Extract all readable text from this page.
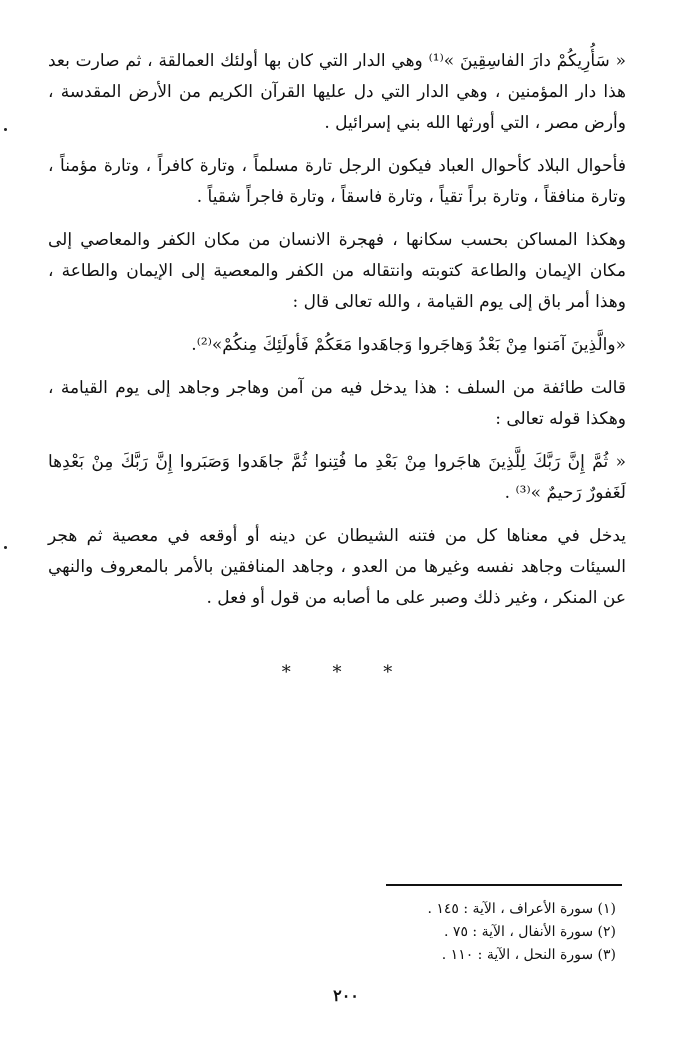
« سَأُرِيكُمْ دارَ الفاسِقِينَ »⁽¹⁾ وهي الدار التي كان بها أولئك العمالقة ، ثم صارت بعد هذا دار المؤمنين ، وهي الدار التي دل عليها القرآن الكريم من الأرض المقدسة ، وأرض مصر ، التي أورثها الله بني إسرائيل .

فأحوال البلاد كأحوال العباد فيكون الرجل تارة مسلماً ، وتارة كافراً ، وتارة مؤمناً ، وتارة منافقاً ، وتارة براً تقياً ، وتارة فاسقاً ، وتارة فاجراً شقياً .

وهكذا المساكن بحسب سكانها ، فهجرة الانسان من مكان الكفر والمعاصي إلى مكان الإيمان والطاعة كتوبته وانتقاله من الكفر والمعصية إلى الإيمان والطاعة ، وهذا أمر باق إلى يوم القيامة ، والله تعالى قال :

«والَّذِينَ آمَنوا مِنْ بَعْدُ وَهاجَروا وَجاهَدوا مَعَكُمْ فَأولَئِكَ مِنكُمْ»⁽²⁾.

قالت طائفة من السلف : هذا يدخل فيه من آمن وهاجر وجاهد إلى يوم القيامة ، وهكذا قوله تعالى :

« ثُمَّ إِنَّ رَبَّكَ لِلَّذِينَ هاجَروا مِنْ بَعْدِ ما فُتِنوا ثُمَّ جاهَدوا وَصَبَروا إِنَّ رَبَّكَ مِنْ بَعْدِها لَغَفورٌ رَحيمٌ »⁽³⁾ .

يدخل في معناها كل من فتنه الشيطان عن دينه أو أوقعه في معصية ثم هجر السيئات وجاهد نفسه وغيرها من العدو ، وجاهد المنافقين بالأمر بالمعروف والنهي عن المنكر ، وغير ذلك وصبر على ما أصابه من قول أو فعل .

* * *
(١) سورة الأعراف ، الآية : ١٤٥ .
(٢) سورة الأنفال ، الآية : ٧٥ .
(٣) سورة النحل ، الآية : ١١٠ .
٢٠٠
